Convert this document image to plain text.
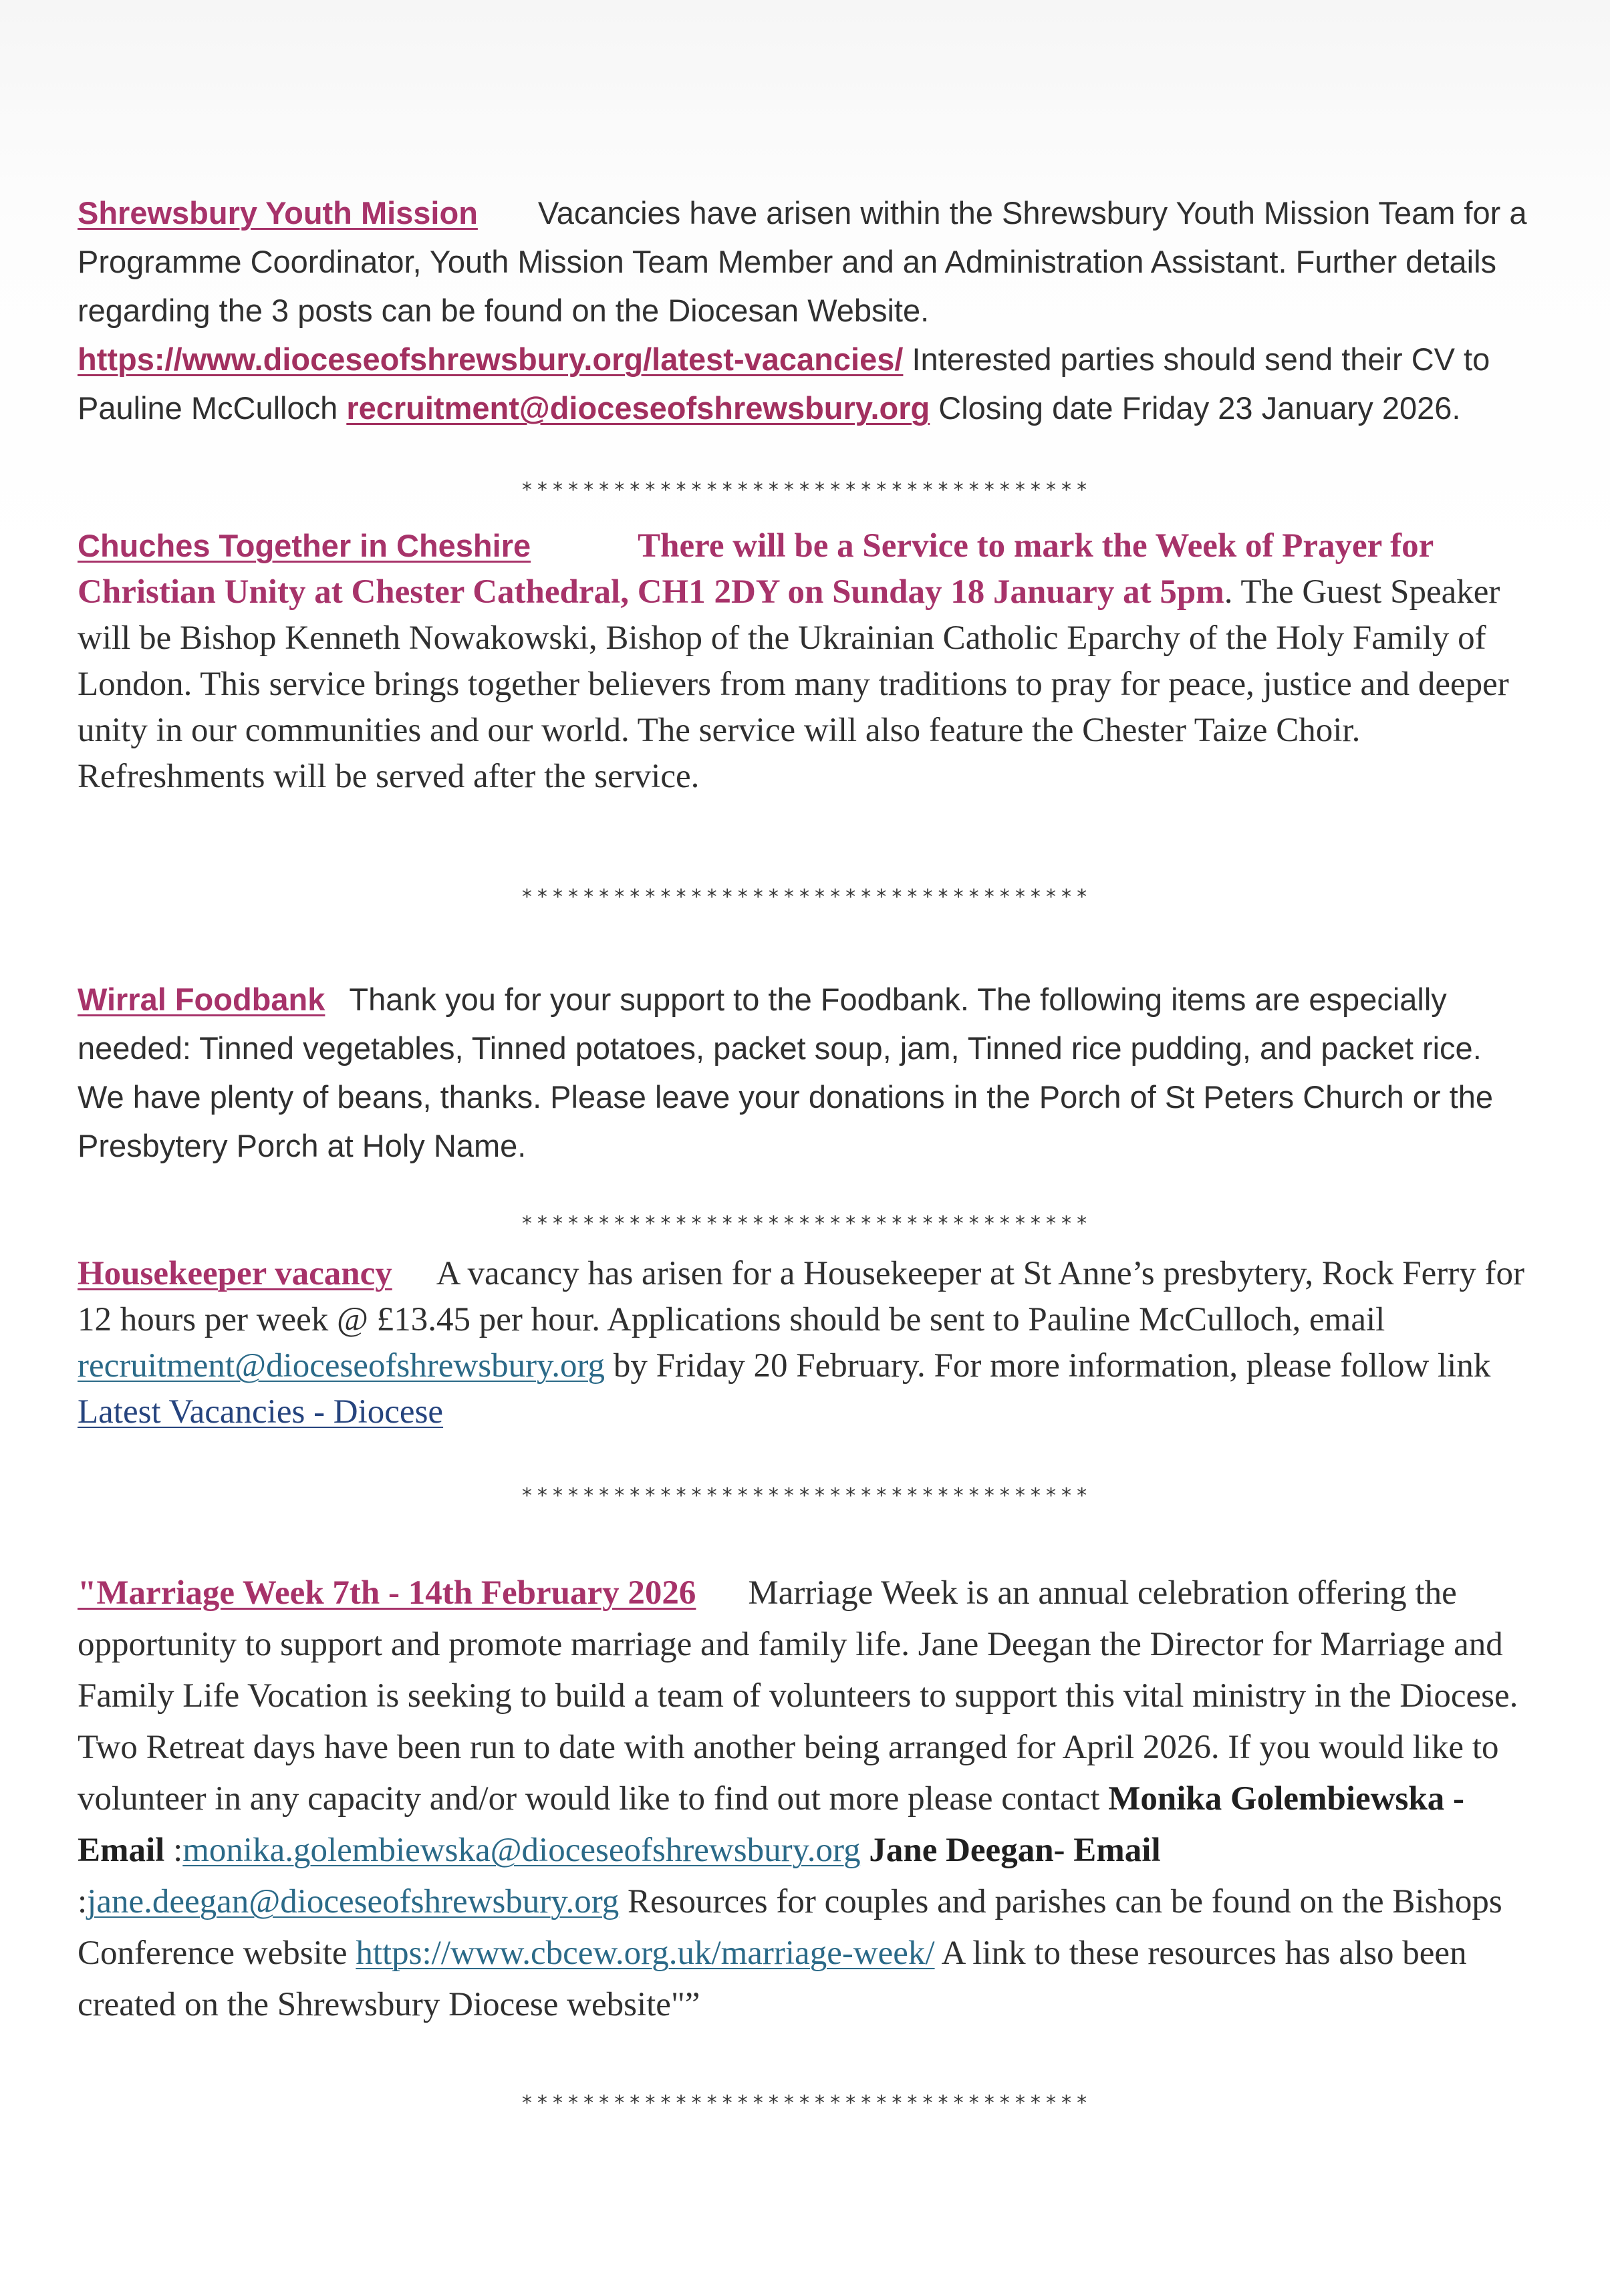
Shrewsbury Youth Mission Vacancies have arisen within the Shrewsbury Youth Mission Team for a Programme Coordinator, Youth Mission Team Member and an Administration Assistant. Further details regarding the 3 posts can be found on the Diocesan Website. https://www.dioceseofshrewsbury.org/latest-vacancies/ Interested parties should send their CV to Pauline McCulloch recruitment@dioceseofshrewsbury.org Closing date Friday 23 January 2026.

*************************************

Chuches Together in Cheshire	There will be a Service to mark the Week of Prayer for Christian Unity at Chester Cathedral, CH1 2DY on Sunday 18 January at 5pm. The Guest Speaker will be Bishop Kenneth Nowakowski, Bishop of the Ukrainian Catholic Eparchy of the Holy Family of London. This service brings together believers from many traditions to pray for peace, justice and deeper unity in our communities and our world. The service will also feature the Chester Taize Choir. Refreshments will be served after the service.

*************************************

Wirral Foodbank Thank you for your support to the Foodbank. The following items are especially needed: Tinned vegetables, Tinned potatoes, packet soup, jam, Tinned rice pudding, and packet rice. We have plenty of beans, thanks. Please leave your donations in the Porch of St Peters Church or the Presbytery Porch at Holy Name.

*************************************

Housekeeper vacancy A vacancy has arisen for a Housekeeper at St Anne’s presbytery, Rock Ferry for 12 hours per week @ £13.45 per hour. Applications should be sent to Pauline McCulloch, email recruitment@dioceseofshrewsbury.org by Friday 20 February. For more information, please follow link Latest Vacancies - Diocese

*************************************

"Marriage Week 7th - 14th February 2026 Marriage Week is an annual celebration offering the opportunity to support and promote marriage and family life. Jane Deegan the Director for Marriage and Family Life Vocation is seeking to build a team of volunteers to support this vital ministry in the Diocese. Two Retreat days have been run to date with another being arranged for April 2026. If you would like to volunteer in any capacity and/or would like to find out more please contact Monika Golembiewska -Email :monika.golembiewska@dioceseofshrewsbury.org Jane Deegan- Email :jane.deegan@dioceseofshrewsbury.org Resources for couples and parishes can be found on the Bishops Conference website https://www.cbcew.org.uk/marriage-week/ A link to these resources has also been created on the Shrewsbury Diocese website"”

*************************************
